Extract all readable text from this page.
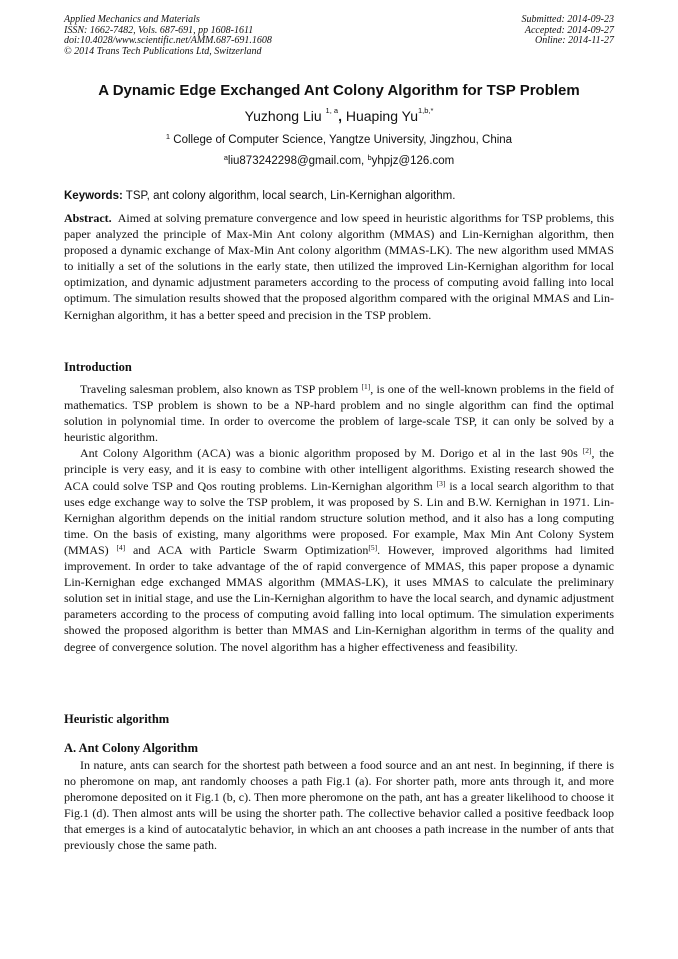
Applied Mechanics and Materials
ISSN: 1662-7482, Vols. 687-691, pp 1608-1611
doi:10.4028/www.scientific.net/AMM.687-691.1608
© 2014 Trans Tech Publications Ltd, Switzerland
Submitted: 2014-09-23
Accepted: 2014-09-27
Online: 2014-11-27
A Dynamic Edge Exchanged Ant Colony Algorithm for TSP Problem
Yuzhong Liu $^{1, a}$, Huaping $Yu^{1,b,*}$
$^1$ College of Computer Science, Yangtze University, Jingzhou, China
$^a$liu873242298@gmail.com, $^b$yhpjz@126.com
Keywords: TSP, ant colony algorithm, local search, Lin-Kernighan algorithm.

Abstract. Aimed at solving premature convergence and low speed in heuristic algorithms for TSP problems, this paper analyzed the principle of Max-Min Ant colony algorithm (MMAS) and Lin-Kernighan algorithm, then proposed a dynamic exchange of Max-Min Ant colony algorithm (MMAS-LK). The new algorithm used MMAS to initially a set of the solutions in the early state, then utilized the improved Lin-Kernighan algorithm for local optimization, and dynamic adjustment parameters according to the process of computing avoid falling into local optimum. The simulation results showed that the proposed algorithm compared with the original MMAS and Lin-Kernighan algorithm, it has a better speed and precision in the TSP problem.

Introduction

Traveling salesman problem, also known as TSP problem [1], is one of the well-known problems in the field of mathematics. TSP problem is shown to be a NP-hard problem and no single algorithm can find the optimal solution in polynomial time. In order to overcome the problem of large-scale TSP, it can only be solved by a heuristic algorithm.

Ant Colony Algorithm (ACA) was a bionic algorithm proposed by M. Dorigo et al in the last 90s [2], the principle is very easy, and it is easy to combine with other intelligent algorithms. Existing research showed the ACA could solve TSP and Qos routing problems. Lin-Kernighan algorithm [3] is a local search algorithm to that uses edge exchange way to solve the TSP problem, it was proposed by S. Lin and B.W. Kernighan in 1971. Lin-Kernighan algorithm depends on the initial random structure solution method, and it also has a long computing time. On the basis of existing, many algorithms were proposed. For example, Max Min Ant Colony System (MMAS) [4] and ACA with Particle Swarm Optimization[5]. However, improved algorithms had limited improvement. In order to take advantage of the of rapid convergence of MMAS, this paper propose a dynamic Lin-Kernighan edge exchanged MMAS algorithm (MMAS-LK), it uses MMAS to calculate the preliminary solution set in initial stage, and use the Lin-Kernighan algorithm to have the local search, and dynamic adjustment parameters according to the process of computing avoid falling into local optimum. The simulation experiments showed the proposed algorithm is better than MMAS and Lin-Kernighan algorithm in terms of the quality and degree of convergence solution. The novel algorithm has a higher effectiveness and feasibility.

Heuristic algorithm
A. Ant Colony Algorithm

In nature, ants can search for the shortest path between a food source and an ant nest. In beginning, if there is no pheromone on map, ant randomly chooses a path Fig.1 (a). For shorter path, more ants through it, and more pheromone deposited on it Fig.1 (b, c). Then more pheromone on the path, ant has a greater likelihood to choose it Fig.1 (d). Then almost ants will be using the shorter path. The collective behavior called a positive feedback loop that emerges is a kind of autocatalytic behavior, in which an ant chooses a path increase in the number of ants that previously chose the same path.
